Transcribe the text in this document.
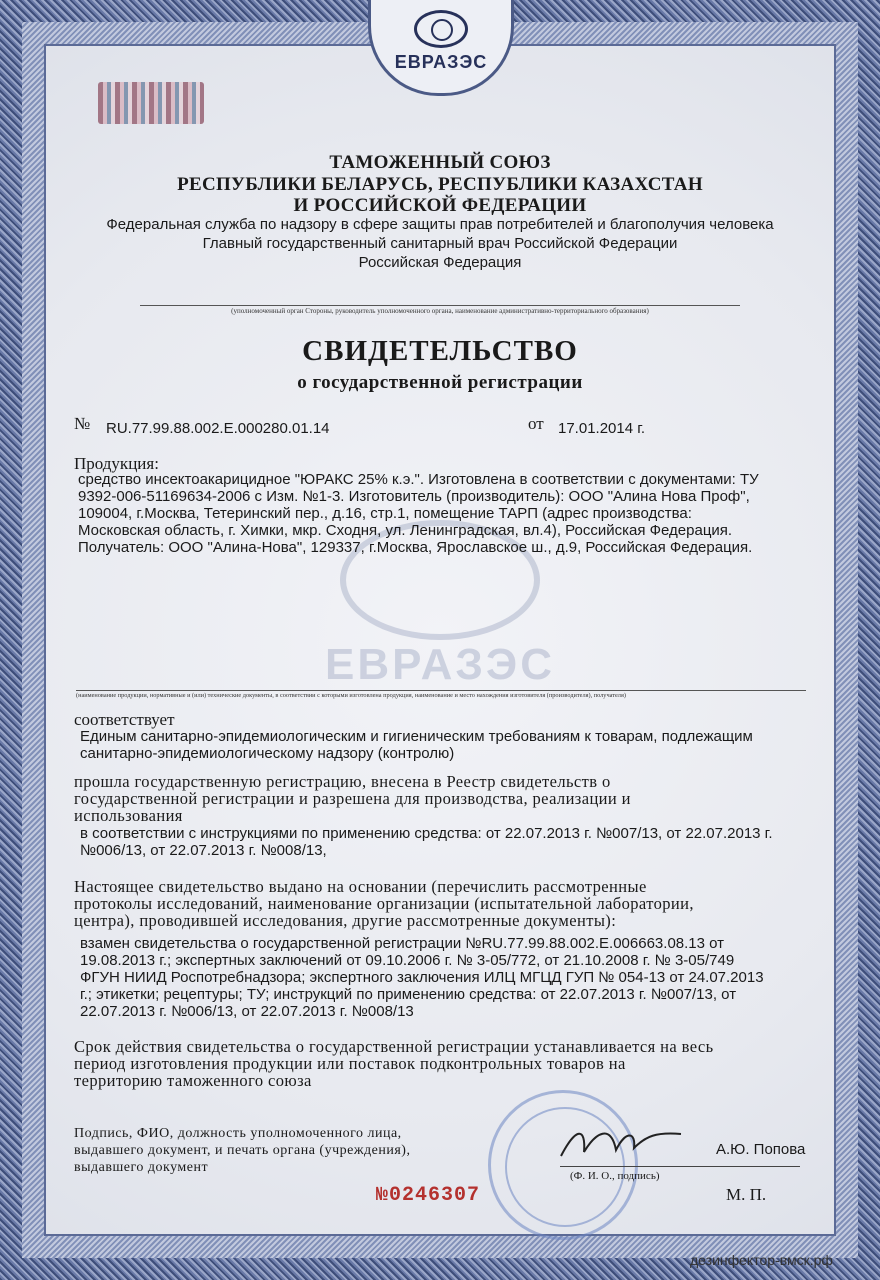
ЕВРАЗЭС
ЕВРАЗЭС
ТАМОЖЕННЫЙ СОЮЗ
РЕСПУБЛИКИ БЕЛАРУСЬ, РЕСПУБЛИКИ КАЗАХСТАН
И РОССИЙСКОЙ ФЕДЕРАЦИИ
Федеральная служба по надзору в сфере защиты прав потребителей и благополучия человека
Главный государственный санитарный врач Российской Федерации
Российская Федерация
(уполномоченный орган Стороны, руководитель уполномоченного органа, наименование административно-территориального образования)
СВИДЕТЕЛЬСТВО
о государственной регистрации
№ RU.77.99.88.002.Е.000280.01.14	от 17.01.2014 г.
Продукция:
средство инсектоакарицидное "ЮРАКС 25% к.э.". Изготовлена в соответствии с документами: ТУ
9392-006-51169634-2006 с Изм. №1-3. Изготовитель (производитель): ООО "Алина Нова Проф",
109004, г.Москва, Тетеринский пер., д.16, стр.1, помещение ТАРП (адрес производства:
Московская область, г. Химки, мкр. Сходня, ул. Ленинградская, вл.4), Российская Федерация.
Получатель: ООО "Алина-Нова", 129337, г.Москва, Ярославское ш., д.9, Российская Федерация.
(наименование продукции, нормативные и (или) технические документы, в соответствии с которыми изготовлена продукция, наименование и место нахождения изготовителя (производителя), получателя)
соответствует
Единым санитарно-эпидемиологическим и гигиеническим требованиям к товарам, подлежащим
санитарно-эпидемиологическому надзору (контролю)
прошла государственную регистрацию, внесена в Реестр свидетельств о
государственной регистрации и разрешена для производства, реализации и
использования
в соответствии с инструкциями по применению средства: от 22.07.2013 г. №007/13, от 22.07.2013 г.
№006/13, от 22.07.2013 г. №008/13,
Настоящее свидетельство выдано на основании (перечислить рассмотренные
протоколы исследований, наименование организации (испытательной лаборатории,
центра), проводившей исследования, другие рассмотренные документы):
взамен свидетельства о государственной регистрации №RU.77.99.88.002.Е.006663.08.13 от
19.08.2013 г.; экспертных заключений от 09.10.2006 г. № 3-05/772, от 21.10.2008 г. № 3-05/749
ФГУН НИИД Роспотребнадзора; экспертного заключения ИЛЦ МГЦД ГУП № 054-13 от 24.07.2013
г.; этикетки; рецептуры; ТУ; инструкций по применению средства: от 22.07.2013 г. №007/13, от
22.07.2013 г. №006/13, от 22.07.2013 г. №008/13
Срок действия свидетельства о государственной регистрации устанавливается на весь
период изготовления продукции или поставок подконтрольных товаров на
территорию таможенного союза
Подпись, ФИО, должность уполномоченного лица,
выдавшего документ, и печать органа (учреждения),
выдавшего документ
А.Ю. Попова
(Ф. И. О., подпись)
№0246307	М. П.
дезинфектор-вмск.рф
